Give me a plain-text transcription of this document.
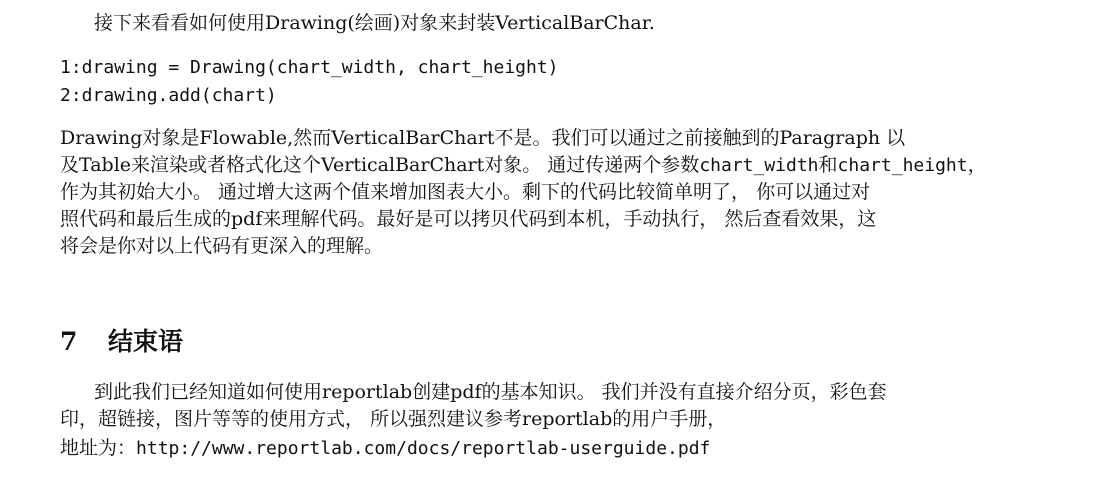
接下来看看如何使用Drawing(绘画)对象来封装VerticalBarChar.
1:drawing = Drawing(chart_width, chart_height)
2:drawing.add(chart)
Drawing对象是Flowable,然而VerticalBarChart不是。我们可以通过之前接触到的Paragraph 以
及Table来渲染或者格式化这个VerticalBarChart对象。 通过传递两个参数chart_width和chart_height，
作为其初始大小。 通过增大这两个值来增加图表大小。剩下的代码比较简单明了， 你可以通过对
照代码和最后生成的pdf来理解代码。最好是可以拷贝代码到本机，手动执行， 然后查看效果，这
将会是你对以上代码有更深入的理解。
7 结束语
到此我们已经知道如何使用reportlab创建pdf的基本知识。 我们并没有直接介绍分页，彩色套
印，超链接，图片等等的使用方式， 所以强烈建议参考reportlab的用户手册，
地址为：http://www.reportlab.com/docs/reportlab-userguide.pdf
